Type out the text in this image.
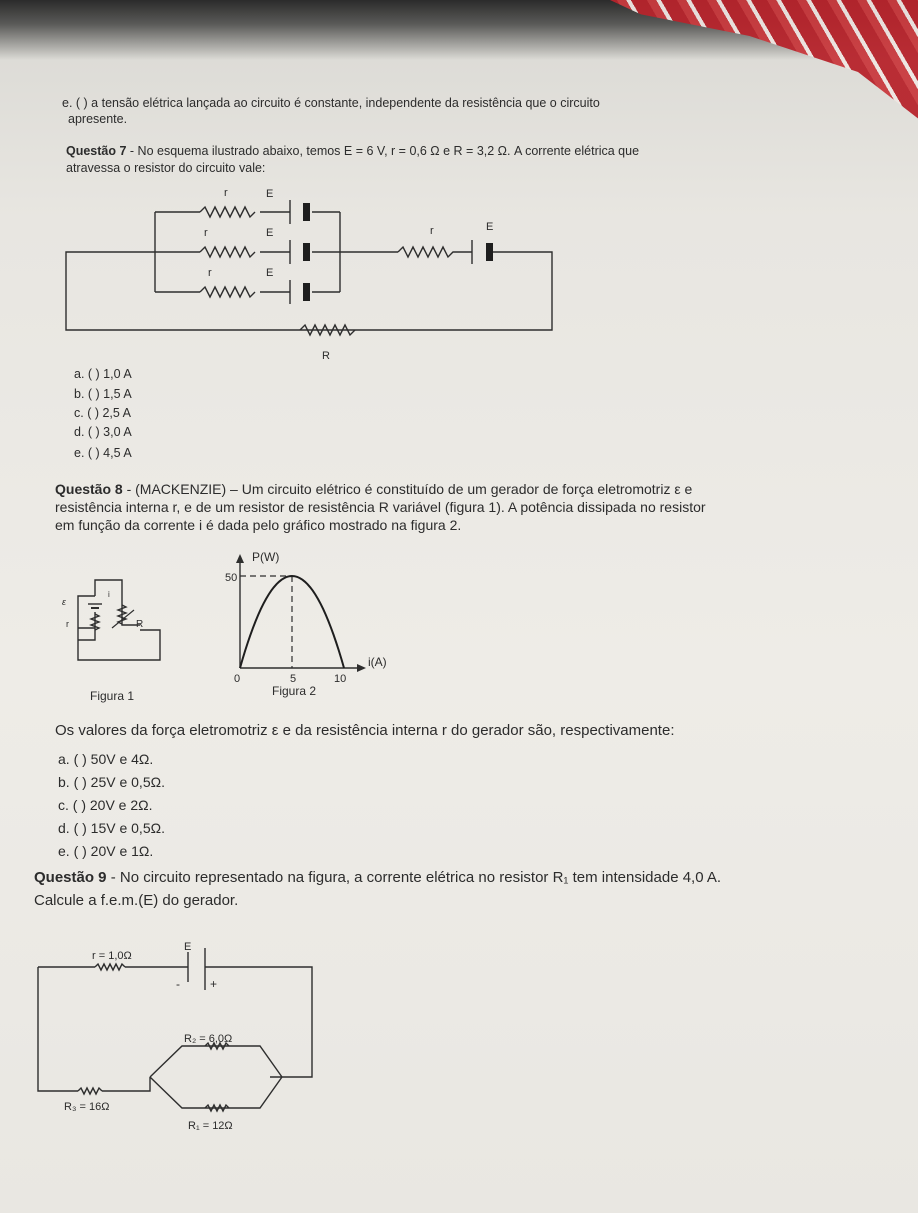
e. ( ) a tensão elétrica lançada ao circuito é constante, independente da resistência que o circuito
apresente.
Questão 7 - No esquema ilustrado abaixo, temos E = 6 V, r = 0,6 Ω e R = 3,2 Ω. A corrente elétrica que
atravessa o resistor do circuito vale:
r	E
r	E
r	E
r	E
R
a. ( ) 1,0 A
b. ( ) 1,5 A
c. ( ) 2,5 A
d. ( ) 3,0 A
e. ( ) 4,5 A
Questão 8 - (MACKENZIE) – Um circuito elétrico é constituído de um gerador de força eletromotriz ε e
resistência interna r, e de um resistor de resistência R variável (figura 1). A potência dissipada no resistor
em função da corrente i é dada pelo gráfico mostrado na figura 2.
ε
i
r	R
Figura 1
P(W)
i(A)
50
0	5	10
Figura 2
Os valores da força eletromotriz ε e da resistência interna r do gerador são, respectivamente:
a. ( ) 50V e 4Ω.
b. ( ) 25V e 0,5Ω.
c. ( ) 20V e 2Ω.
d. ( ) 15V e 0,5Ω.
e. ( ) 20V e 1Ω.
Questão 9 - No circuito representado na figura, a corrente elétrica no resistor R₁ tem intensidade 4,0 A.
Calcule a f.e.m.(E) do gerador.
r = 1,0Ω
E
-	+
R₂ = 6,0Ω
R₃ = 16Ω
R₁ = 12Ω
